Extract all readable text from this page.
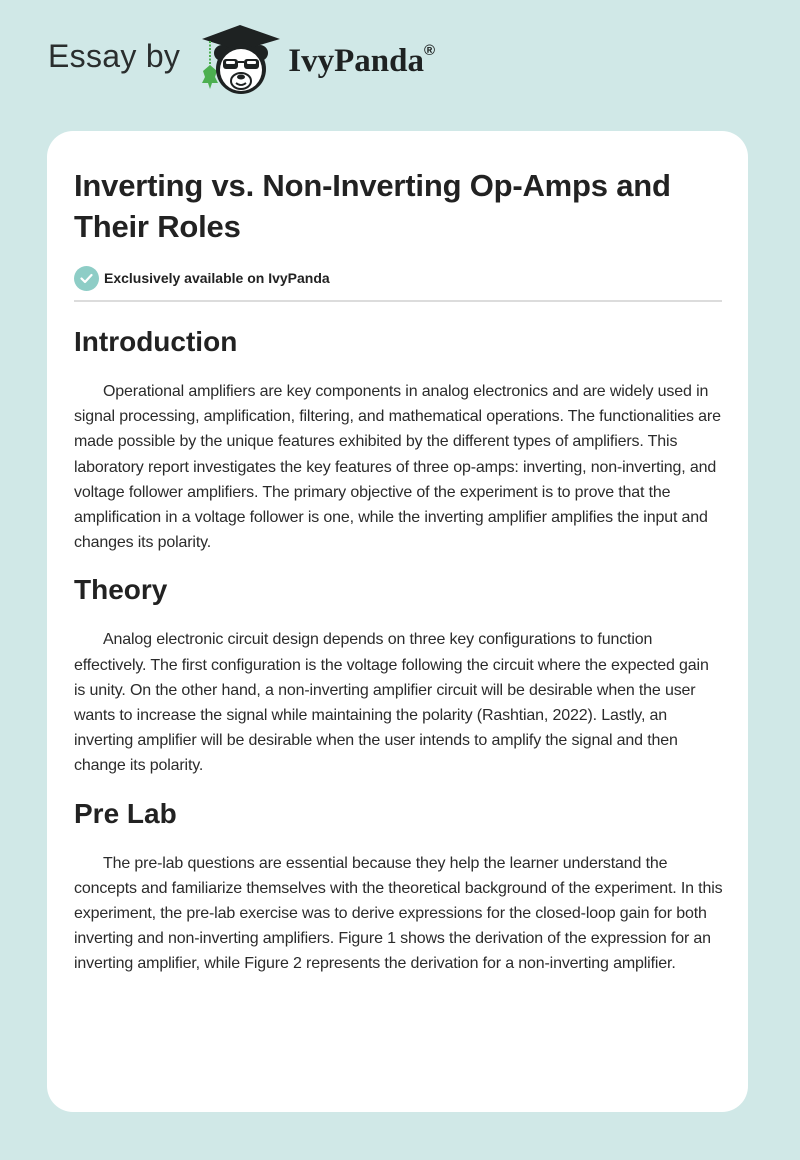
Essay by	IvyPanda®
Inverting vs. Non-Inverting Op-Amps and Their Roles
Exclusively available on IvyPanda
Introduction

Operational amplifiers are key components in analog electronics and are widely used in signal processing, amplification, filtering, and mathematical operations. The functionalities are made possible by the unique features exhibited by the different types of amplifiers. This laboratory report investigates the key features of three op-amps: inverting, non-inverting, and voltage follower amplifiers. The primary objective of the experiment is to prove that the amplification in a voltage follower is one, while the inverting amplifier amplifies the input and changes its polarity.

Theory

Analog electronic circuit design depends on three key configurations to function effectively. The first configuration is the voltage following the circuit where the expected gain is unity. On the other hand, a non-inverting amplifier circuit will be desirable when the user wants to increase the signal while maintaining the polarity (Rashtian, 2022). Lastly, an inverting amplifier will be desirable when the user intends to amplify the signal and then change its polarity.

Pre Lab

The pre-lab questions are essential because they help the learner understand the concepts and familiarize themselves with the theoretical background of the experiment. In this experiment, the pre-lab exercise was to derive expressions for the closed-loop gain for both inverting and non-inverting amplifiers. Figure 1 shows the derivation of the expression for an inverting amplifier, while Figure 2 represents the derivation for a non-inverting amplifier.
